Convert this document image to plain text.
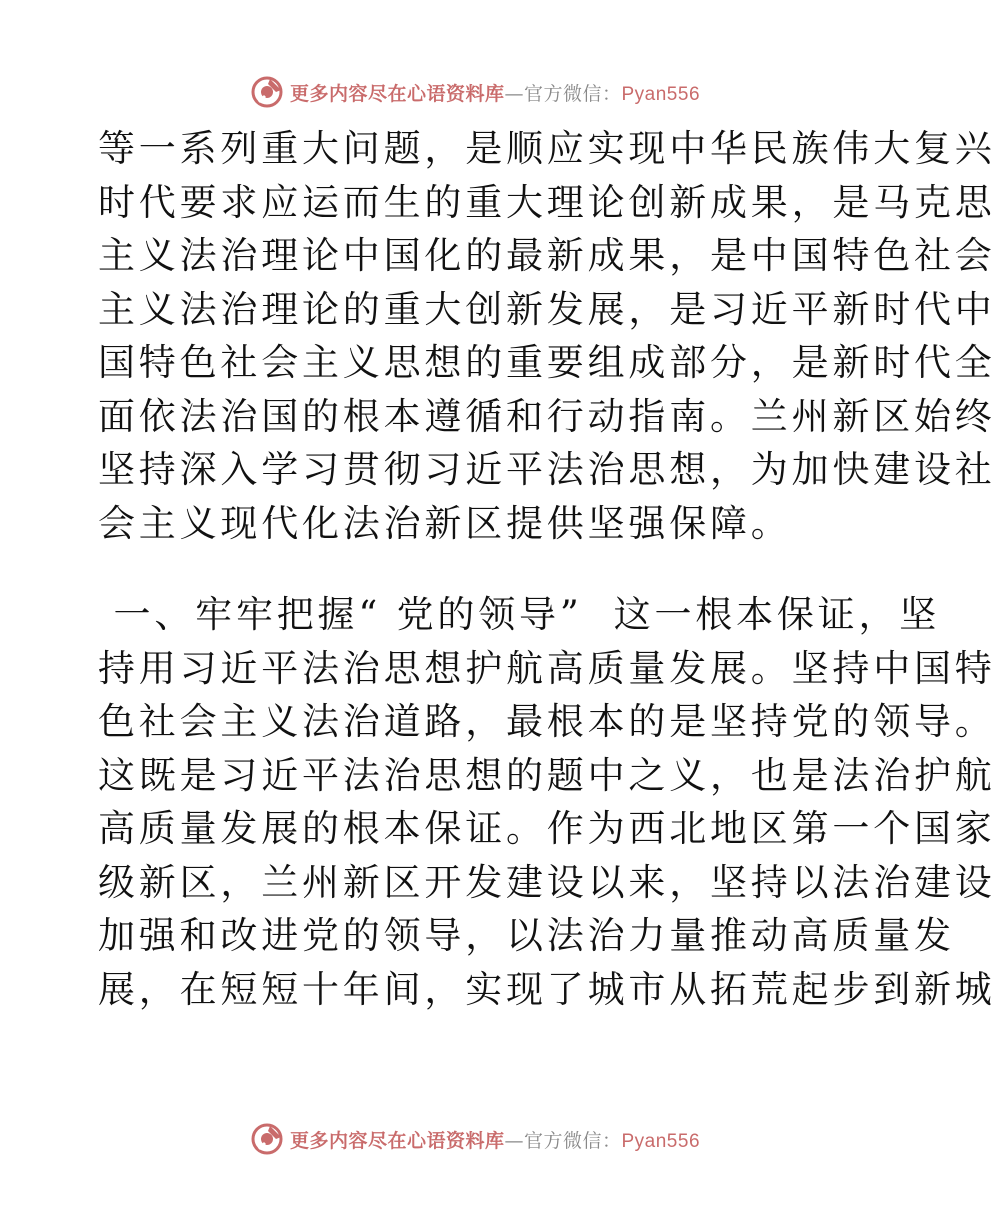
更多内容尽在心语资料库—官方微信：Pyan556
等一系列重大问题，是顺应实现中华民族伟大复兴
时代要求应运而生的重大理论创新成果，是马克思
主义法治理论中国化的最新成果，是中国特色社会
主义法治理论的重大创新发展，是习近平新时代中
国特色社会主义思想的重要组成部分，是新时代全
面依法治国的根本遵循和行动指南。兰州新区始终
坚持深入学习贯彻习近平法治思想，为加快建设社
会主义现代化法治新区提供坚强保障。
一、牢牢把握“ 党的领导”  这一根本保证，坚
持用习近平法治思想护航高质量发展。坚持中国特
色社会主义法治道路，最根本的是坚持党的领导。
这既是习近平法治思想的题中之义，也是法治护航
高质量发展的根本保证。作为西北地区第一个国家
级新区，兰州新区开发建设以来，坚持以法治建设
加强和改进党的领导，以法治力量推动高质量发
展，在短短十年间，实现了城市从拓荒起步到新城
更多内容尽在心语资料库—官方微信：Pyan556
